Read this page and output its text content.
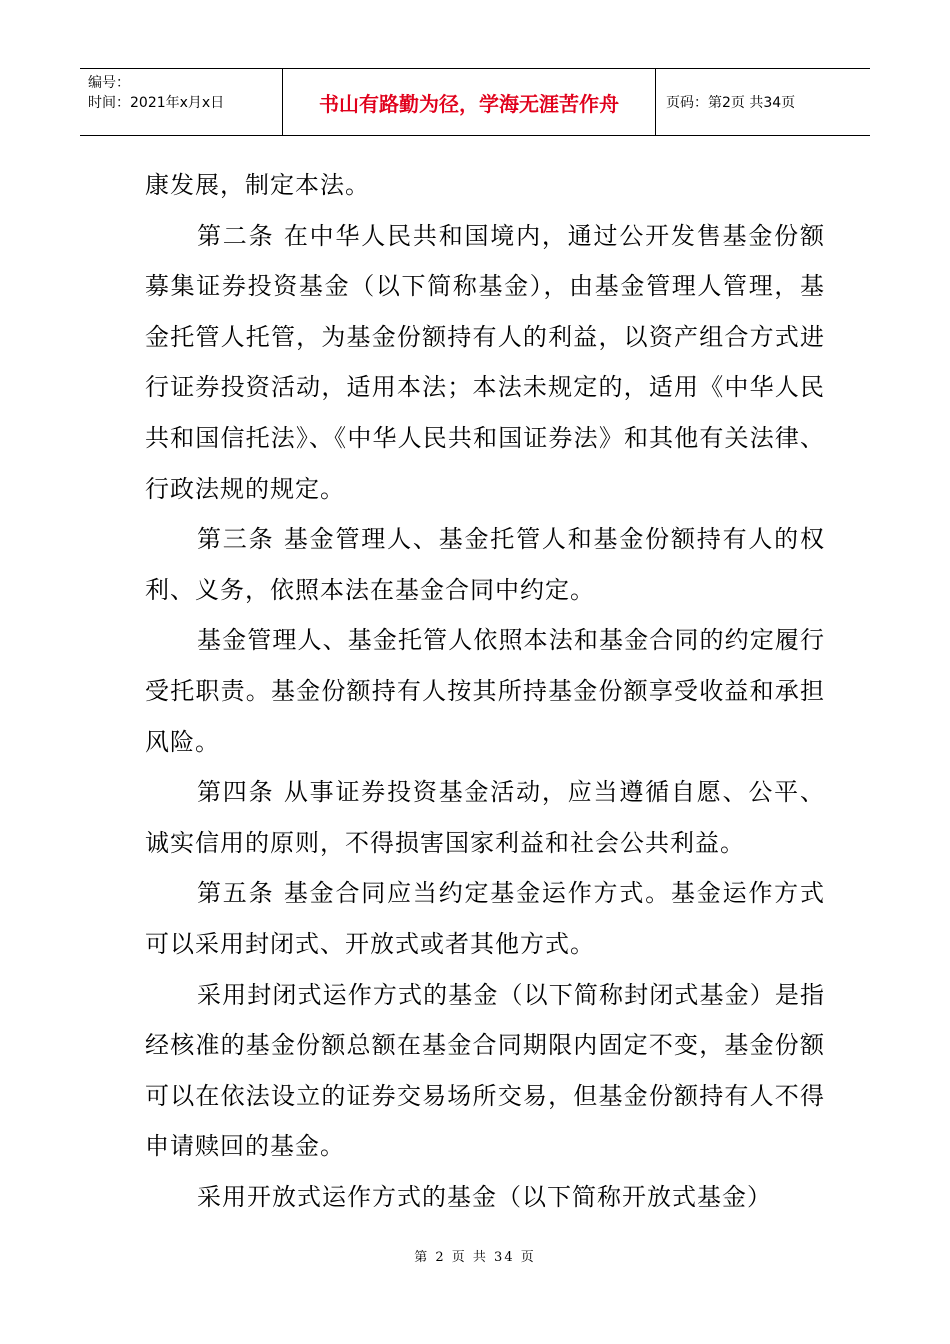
编号：
时间：2021年x月x日	书山有路勤为径，学海无涯苦作舟	页码：第2页 共34页

康发展，制定本法。

第二条 在中华人民共和国境内，通过公开发售基金份额募集证券投资基金（以下简称基金），由基金管理人管理，基金托管人托管，为基金份额持有人的利益，以资产组合方式进行证券投资活动，适用本法；本法未规定的，适用《中华人民共和国信托法》、《中华人民共和国证券法》和其他有关法律、行政法规的规定。

第三条 基金管理人、基金托管人和基金份额持有人的权利、义务，依照本法在基金合同中约定。

基金管理人、基金托管人依照本法和基金合同的约定履行受托职责。基金份额持有人按其所持基金份额享受收益和承担风险。

第四条 从事证券投资基金活动，应当遵循自愿、公平、诚实信用的原则，不得损害国家利益和社会公共利益。

第五条 基金合同应当约定基金运作方式。基金运作方式可以采用封闭式、开放式或者其他方式。

采用封闭式运作方式的基金（以下简称封闭式基金）是指经核准的基金份额总额在基金合同期限内固定不变，基金份额可以在依法设立的证券交易场所交易，但基金份额持有人不得申请赎回的基金。

采用开放式运作方式的基金（以下简称开放式基金）

第 2 页 共 34 页
